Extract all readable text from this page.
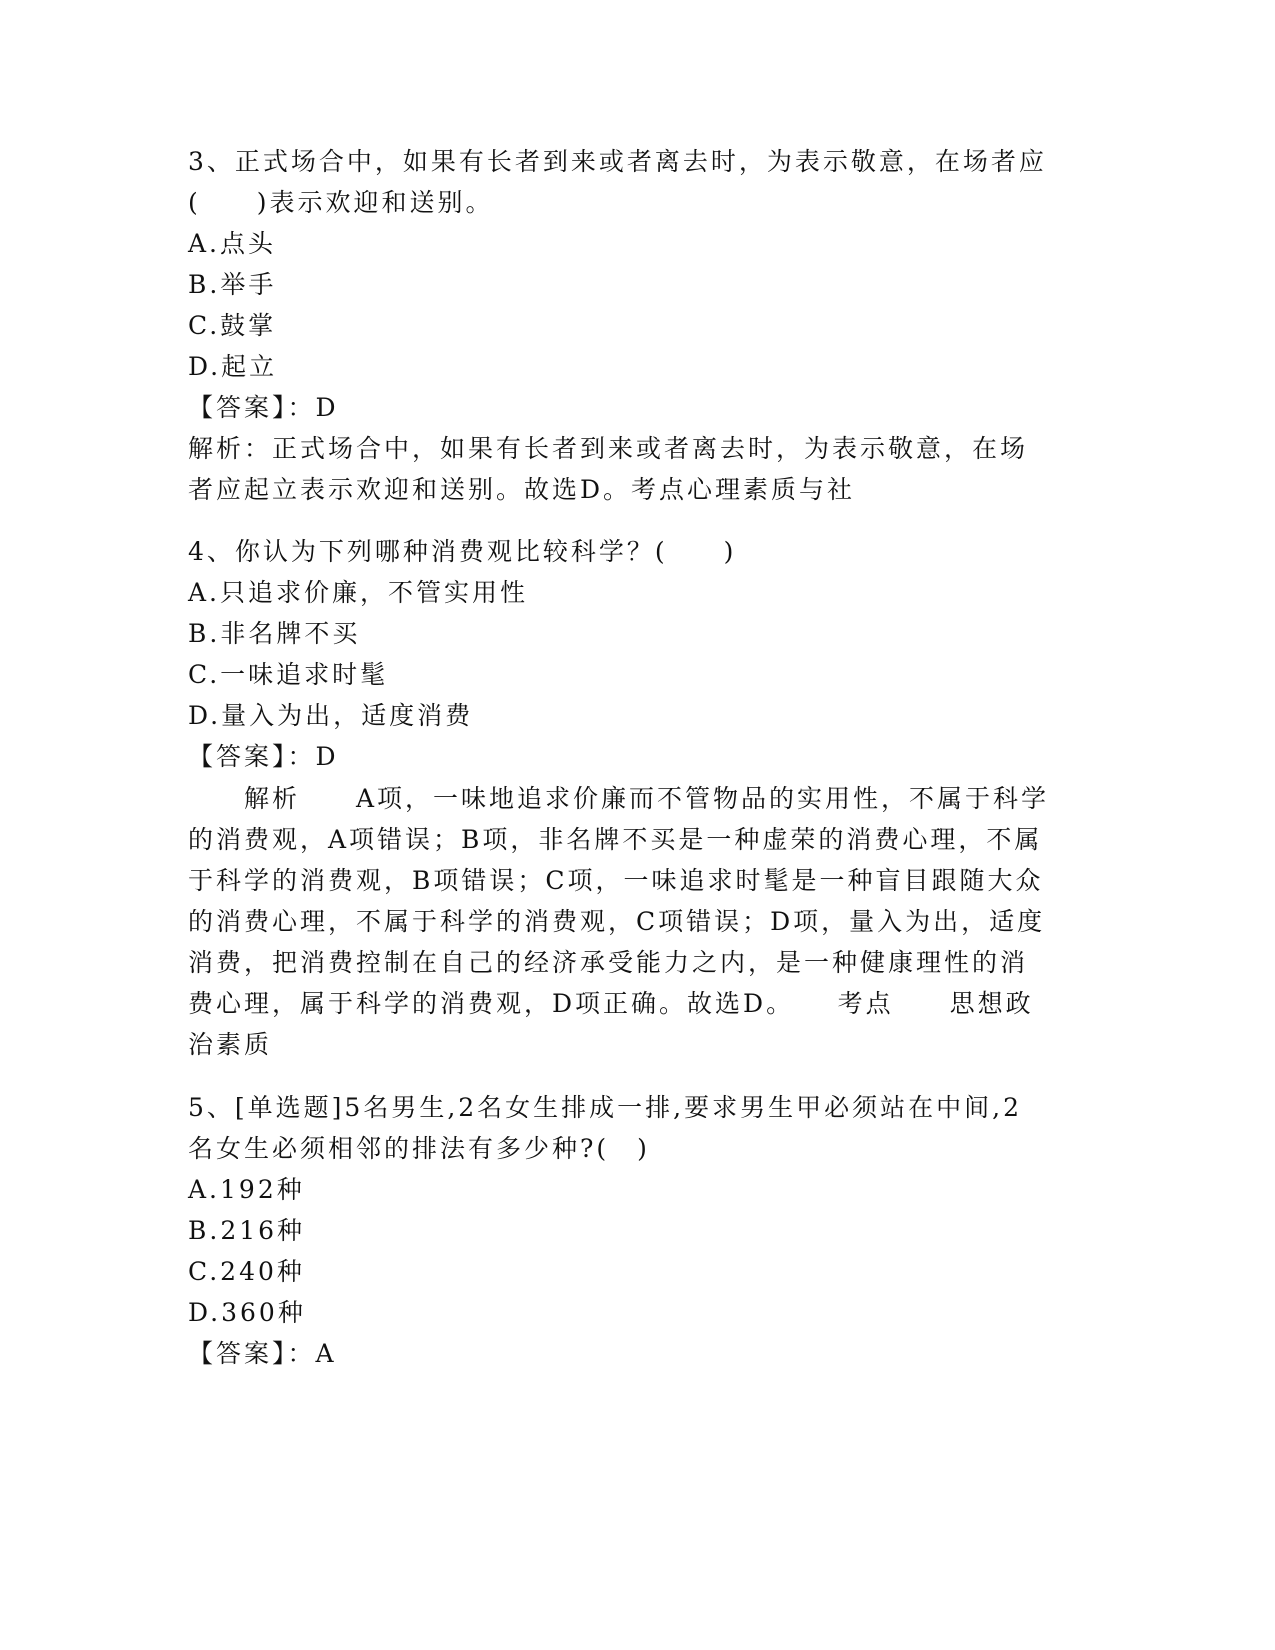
3、正式场合中，如果有长者到来或者离去时，为表示敬意，在场者应
(　　)表示欢迎和送别。
A.点头
B.举手
C.鼓掌
D.起立
【答案】：D
解析：正式场合中，如果有长者到来或者离去时，为表示敬意，在场
者应起立表示欢迎和送别。故选D。考点心理素质与社
4、你认为下列哪种消费观比较科学？(　　)
A.只追求价廉，不管实用性
B.非名牌不买
C.一味追求时髦
D.量入为出，适度消费
【答案】：D
　　解析　　A项，一味地追求价廉而不管物品的实用性，不属于科学
的消费观，A项错误；B项，非名牌不买是一种虚荣的消费心理，不属
于科学的消费观，B项错误；C项，一味追求时髦是一种盲目跟随大众
的消费心理，不属于科学的消费观，C项错误；D项，量入为出，适度
消费，把消费控制在自己的经济承受能力之内，是一种健康理性的消
费心理，属于科学的消费观，D项正确。故选D。　　考点　　思想政
治素质
5、[单选题]5名男生,2名女生排成一排,要求男生甲必须站在中间,2
名女生必须相邻的排法有多少种?(　)
A.192种
B.216种
C.240种
D.360种
【答案】：A
